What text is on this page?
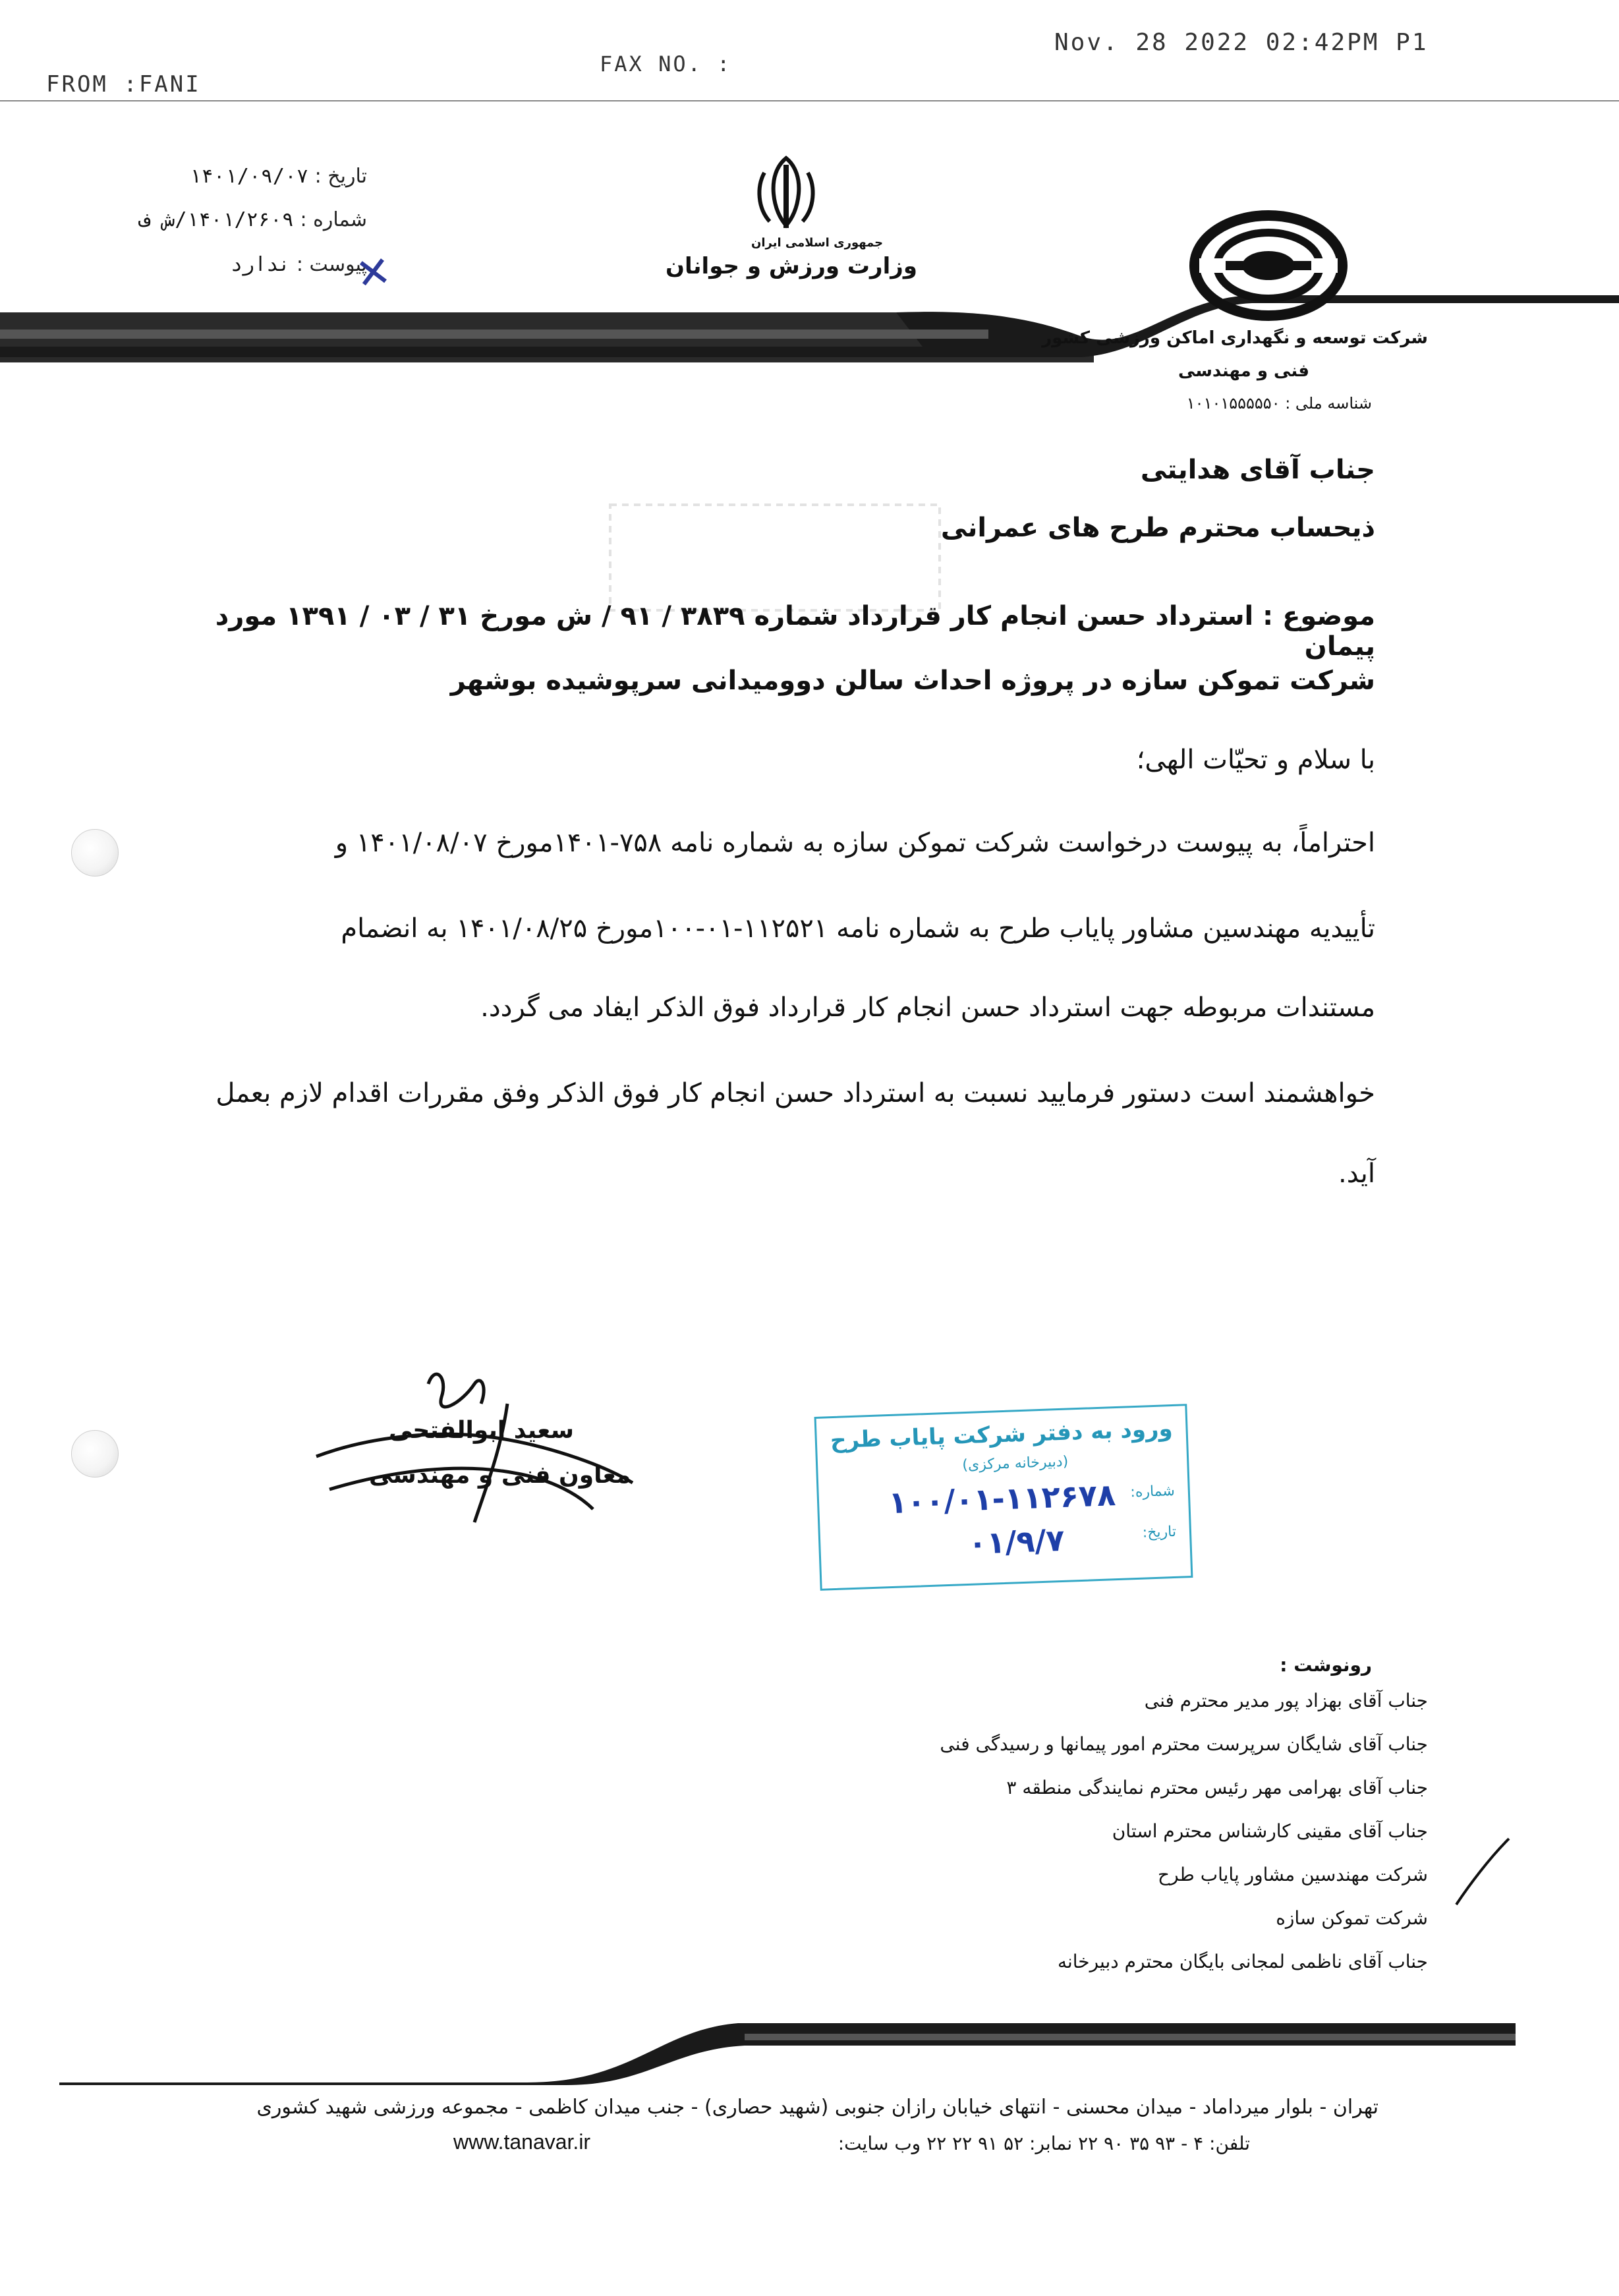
FROM :FANI
FAX NO. :
Nov. 28 2022 02:42PM P1
تاریخ : ۱۴۰۱/۰۹/۰۷
شماره : ۱۴۰۱/۲۶۰۹/ش ف
پیوست : ندارد	✕
جمهوری اسلامی ایران
وزارت ورزش و جوانان
شرکت توسعه و نگهداری اماکن ورزشی کشور
فنی و مهندسی
شناسه ملی : ۱۰۱۰۱۵۵۵۵۵۰
جناب آقای هدایتی
ذیحساب محترم طرح های عمرانی
موضوع : استرداد حسن انجام کار قرارداد شماره ۳۸۳۹ / ۹۱ / ش مورخ ۳۱ / ۰۳ / ۱۳۹۱ مورد پیمان
شرکت تموکن سازه در پروژه احداث سالن دوومیدانی سرپوشیده بوشهر
با سلام و تحیّات الهی؛
احتراماً، به پیوست درخواست شرکت تموکن سازه به شماره نامه ۷۵۸-۱۴۰۱مورخ ۱۴۰۱/۰۸/۰۷ و
تأییدیه مهندسین مشاور پایاب طرح به شماره نامه ۱۱۲۵۲۱-۰۱-۱۰۰مورخ ۱۴۰۱/۰۸/۲۵ به انضمام
مستندات مربوطه جهت استرداد حسن انجام کار قرارداد فوق الذکر ایفاد می گردد.
خواهشمند است دستور فرمایید نسبت به استرداد حسن انجام کار فوق الذکر وفق مقررات اقدام لازم بعمل
آید.
سعید ابوالفتحی
معاون فنی و مهندسی
ورود به دفتر شرکت پایاب طرح
(دبیرخانه مرکزی)
شماره:
تاریخ:
۱۰۰/۰۱-۱۱۲۶۷۸
۰۱/۹/۷
رونوشت :
جناب آقای بهزاد پور مدیر محترم فنی
جناب آقای شایگان سرپرست محترم امور پیمانها و رسیدگی فنی
جناب آقای بهرامی مهر رئیس محترم نمایندگی منطقه ۳
جناب آقای مقینی کارشناس محترم استان
شرکت مهندسین مشاور پایاب طرح
شرکت تموکن سازه
جناب آقای ناظمی لمجانی بایگان محترم دبیرخانه
تهران - بلوار میرداماد - میدان محسنی - انتهای خیابان رازان جنوبی (شهید حصاری) - جنب میدان کاظمی - مجموعه ورزشی شهید کشوری
تلفن: ۴ - ۹۳ ۳۵ ۹۰ ۲۲ نمابر: ۵۲ ۹۱ ۲۲ ۲۲ وب سایت:
www.tanavar.ir
